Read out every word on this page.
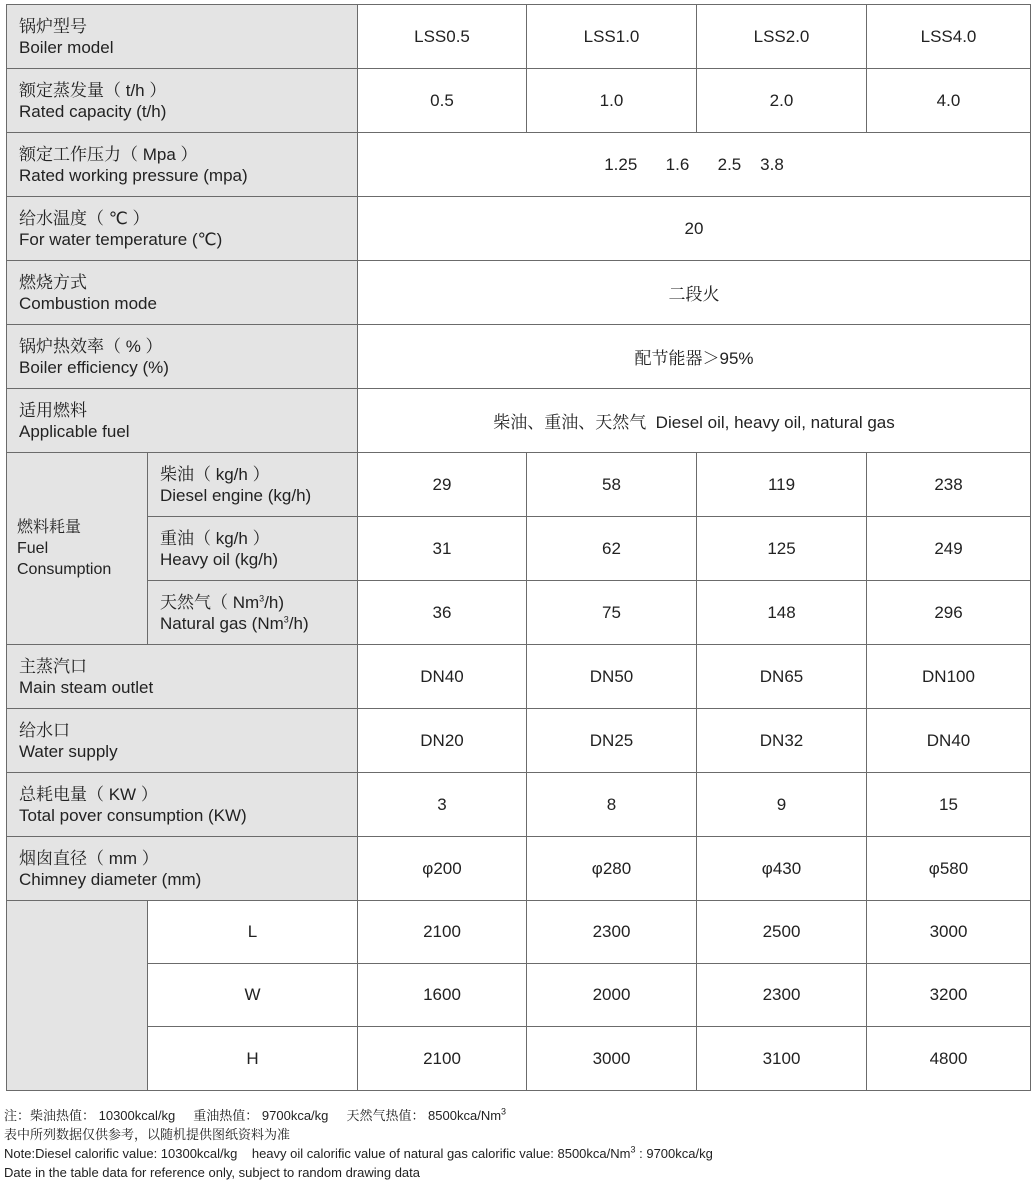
锅炉型号
Boiler model		LSS0.5	LSS1.0	LSS2.0	LSS4.0

额定蒸发量（ t/h ）
Rated capacity (t/h)		0.5	1.0	2.0	4.0

额定工作压力（ Mpa ）
Rated working pressure (mpa)		1.25      1.6      2.5    3.8			

给水温度（ ℃ ）
For water temperature (℃)		20			

燃烧方式
Combustion mode		二段火			

锅炉热效率（ % ）
Boiler efficiency (%)		配节能器＞95%			

适用燃料
Applicable fuel		柴油、重油、天然气  Diesel oil, heavy oil, natural gas			

燃料耗量
Fuel
Consumption	柴油（ kg/h ）
Diesel engine (kg/h)	29	58	119	238

	重油（ kg/h ）
Heavy oil (kg/h)	31	62	125	249

	天然气（ Nm$^3$/h)
Natural gas (Nm$^3$/h)	36	75	148	296

主蒸汽口
Main steam outlet		DN40	DN50	DN65	DN100

给水口
Water supply		DN20	DN25	DN32	DN40

总耗电量（ KW ）
Total pover consumption (KW)		3	8	9	15

烟囱直径（ mm ）
Chimney diameter (mm)		φ200	φ280	φ430	φ580
	L	2100	2300	2500	3000
	W	1600	2000	2300	3200
	H	2100	3000	3100	4800
注：柴油热值： 10300kcal/kg     重油热值： 9700kca/kg     天然气热值： 8500kca/Nm$^3$
表中所列数据仅供参考，以随机提供图纸资料为准
Note:Diesel calorific value: 10300kcal/kg    heavy oil calorific value of natural gas calorific value: 8500kca/Nm$^3$ : 9700kca/kg
Date in the table data for reference only, subject to random drawing data
